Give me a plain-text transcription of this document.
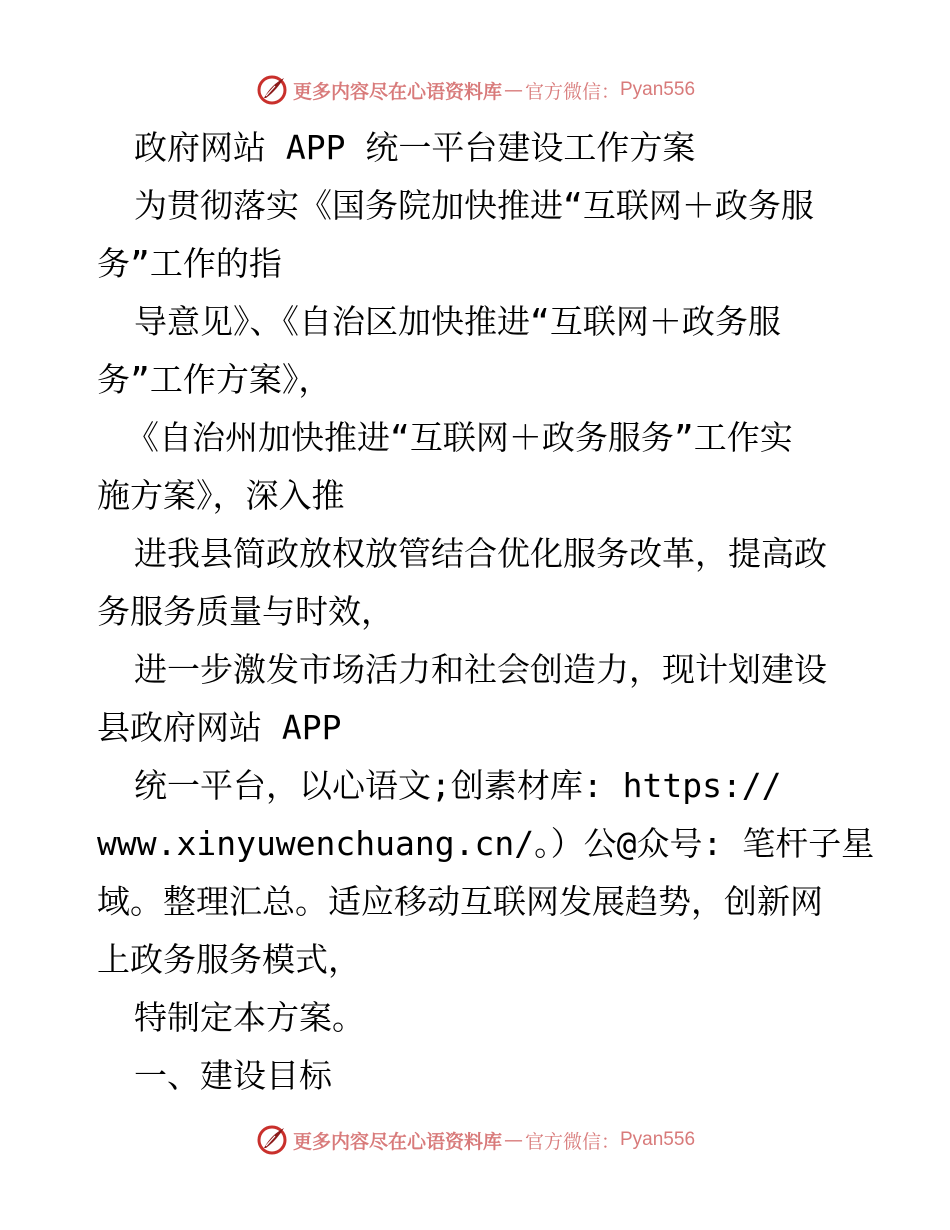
更多内容尽在心语资料库 — 官方微信： Pyan556
政府网站 APP 统一平台建设工作方案
为贯彻落实《国务院加快推进“互联网＋政务服
务”工作的指
导意见》、《自治区加快推进“互联网＋政务服
务”工作方案》，
《自治州加快推进“互联网＋政务服务”工作实
施方案》，深入推
进我县简政放权放管结合优化服务改革，提高政
务服务质量与时效，
进一步激发市场活力和社会创造力，现计划建设
县政府网站 APP
统一平台，以心语文;创素材库: https://
www.xinyuwenchuang.cn/。）公@众号: 笔杆子星
域。整理汇总。适应移动互联网发展趋势，创新网
上政务服务模式，
特制定本方案。
一、建设目标
更多内容尽在心语资料库 — 官方微信： Pyan556
